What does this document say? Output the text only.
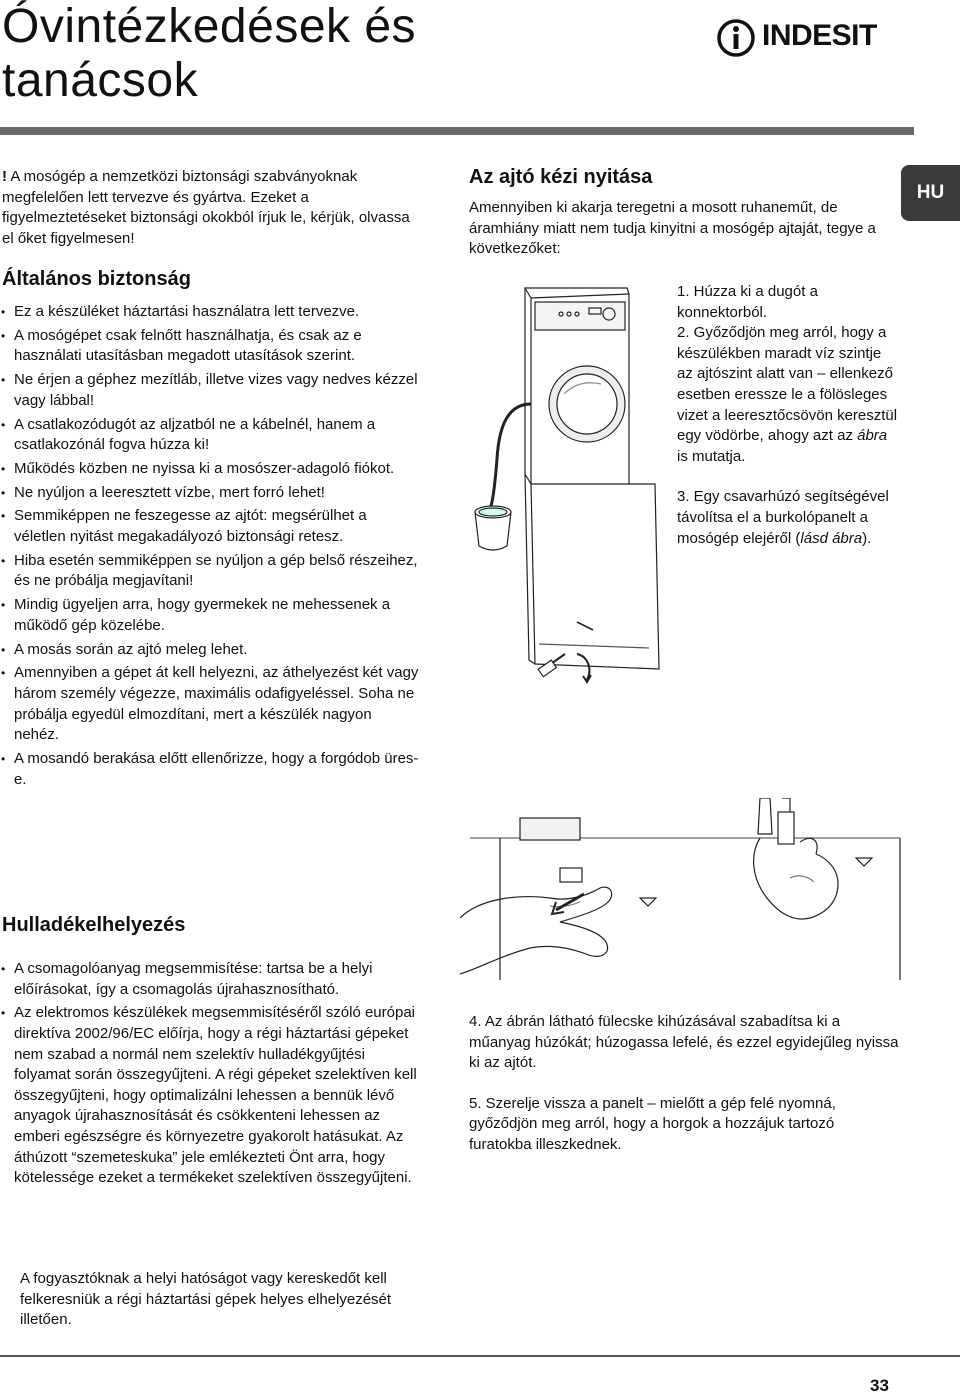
Óvintézkedések és tanácsok
INDESIT
HU
! A mosógép a nemzetközi biztonsági szabványoknak megfelelően lett tervezve és gyártva. Ezeket a figyelmeztetéseket biztonsági okokból írjuk le, kérjük, olvassa el őket figyelmesen!
Általános biztonság
• Ez a készüléket háztartási használatra lett tervezve.
• A mosógépet csak felnőtt használhatja, és csak az e használati utasításban megadott utasítások szerint.
• Ne érjen a géphez mezítláb, illetve vizes vagy nedves kézzel vagy lábbal!
• A csatlakozódugót az aljzatból ne a kábelnél, hanem a csatlakozónál fogva húzza ki!
• Működés közben ne nyissa ki a mosószer-adagoló fiókot.
• Ne nyúljon a leeresztett vízbe, mert forró lehet!
• Semmiképpen ne feszegesse az ajtót: megsérülhet a véletlen nyitást megakadályozó biztonsági retesz.
• Hiba esetén semmiképpen se nyúljon a gép belső részeihez, és ne próbálja megjavítani!
• Mindig ügyeljen arra, hogy gyermekek ne mehessenek a működő gép közelébe.
• A mosás során az ajtó meleg lehet.
• Amennyiben a gépet át kell helyezni, az áthelyezést két vagy három személy végezze, maximális odafigyeléssel. Soha ne próbálja egyedül elmozdítani, mert a készülék nagyon nehéz.
• A mosandó berakása előtt ellenőrizze, hogy a forgódob üres-e.
Hulladékelhelyezés
• A csomagolóanyag megsemmisítése: tartsa be a helyi előírásokat, így a csomagolás újrahasznosítható.
• Az elektromos készülékek megsemmisítéséről szóló európai direktíva 2002/96/EC előírja, hogy a régi háztartási gépeket nem szabad a normál nem szelektív hulladékgyűjtési folyamat során összegyűjteni. A régi gépeket szelektíven kell összegyűjteni, hogy optimalizálni lehessen a bennük lévő anyagok újrahasznosítását és csökkenteni lehessen az emberi egészségre és környezetre gyakorolt hatásukat. Az áthúzott “szemeteskuka” jele emlékezteti Önt arra, hogy kötelessége ezeket a termékeket szelektíven összegyűjteni.
A fogyasztóknak a helyi hatóságot vagy kereskedőt kell felkeresniük a régi háztartási gépek helyes elhelyezését illetően.
Az ajtó kézi nyitása
Amennyiben ki akarja teregetni a mosott ruhaneműt, de áramhiány miatt nem tudja kinyitni a mosógép ajtaját, tegye a következőket:
1. Húzza ki a dugót a konnektorból.
2. Győződjön meg arról, hogy a készülékben maradt víz szintje az ajtószint alatt van – ellenkező esetben eressze le a fölösleges vizet a leeresztőcsövön keresztül egy vödörbe, ahogy azt az ábra is mutatja.
3. Egy csavarhúzó segítségével távolítsa el a burkolópanelt a mosógép elejéről (lásd ábra).
4. Az ábrán látható fülecske kihúzásával szabadítsa ki a műanyag húzókát; húzogassa lefelé, és ezzel egyidejűleg nyissa ki az ajtót.
5. Szerelje vissza a panelt – mielőtt a gép felé nyomná, győződjön meg arról, hogy a horgok a hozzájuk tartozó furatokba illeszkednek.
33
